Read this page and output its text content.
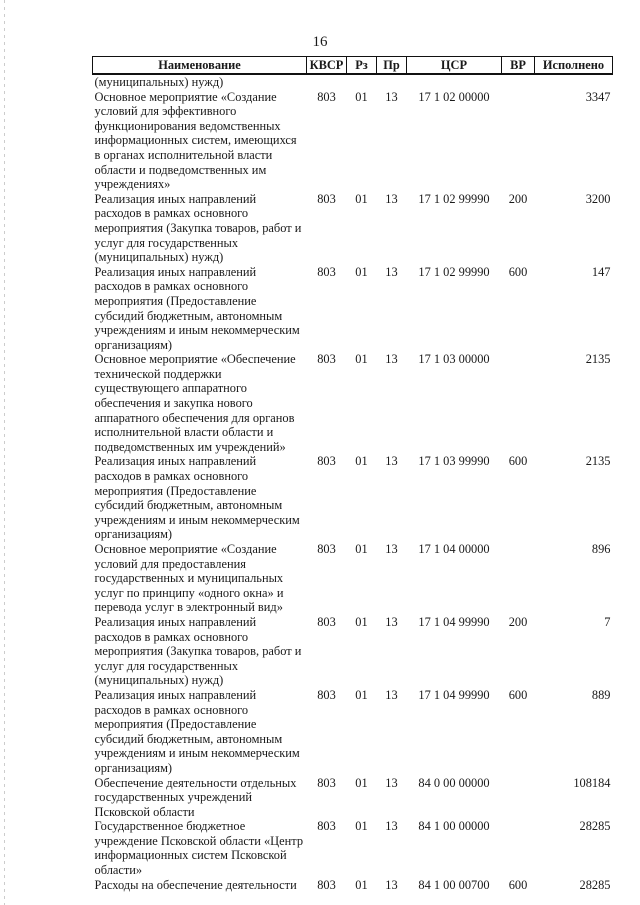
16
Наименование	КВСР	Рз	Пр	ЦСР	ВР	Исполнено
(муниципальных) нужд)						
Основное мероприятие «Создание условий для эффективного функционирования ведомственных информационных систем, имеющихся в органах исполнительной власти области и подведомственных им учреждениях»	803	01	13	17 1 02 00000		3347
Реализация иных направлений расходов в рамках основного мероприятия (Закупка товаров, работ и услуг для государственных (муниципальных) нужд)	803	01	13	17 1 02 99990	200	3200
Реализация иных направлений расходов в рамках основного мероприятия (Предоставление субсидий бюджетным, автономным учреждениям и иным некоммерческим организациям)	803	01	13	17 1 02 99990	600	147
Основное мероприятие «Обеспечение технической поддержки существующего аппаратного обеспечения и закупка нового аппаратного обеспечения для органов исполнительной власти области и подведомственных им учреждений»	803	01	13	17 1 03 00000		2135
Реализация иных направлений расходов в рамках основного мероприятия (Предоставление субсидий бюджетным, автономным учреждениям и иным некоммерческим организациям)	803	01	13	17 1 03 99990	600	2135
Основное мероприятие «Создание условий для предоставления государственных и муниципальных услуг по принципу «одного окна» и перевода услуг в электронный вид»	803	01	13	17 1 04 00000		896
Реализация иных направлений расходов в рамках основного мероприятия (Закупка товаров, работ и услуг для государственных (муниципальных) нужд)	803	01	13	17 1 04 99990	200	7
Реализация иных направлений расходов в рамках основного мероприятия (Предоставление субсидий бюджетным, автономным учреждениям и иным некоммерческим организациям)	803	01	13	17 1 04 99990	600	889
Обеспечение деятельности отдельных государственных учреждений Псковской области	803	01	13	84 0 00 00000		108184
Государственное бюджетное учреждение Псковской области «Центр информационных систем Псковской области»	803	01	13	84 1 00 00000		28285
Расходы на обеспечение деятельности	803	01	13	84 1 00 00700	600	28285
